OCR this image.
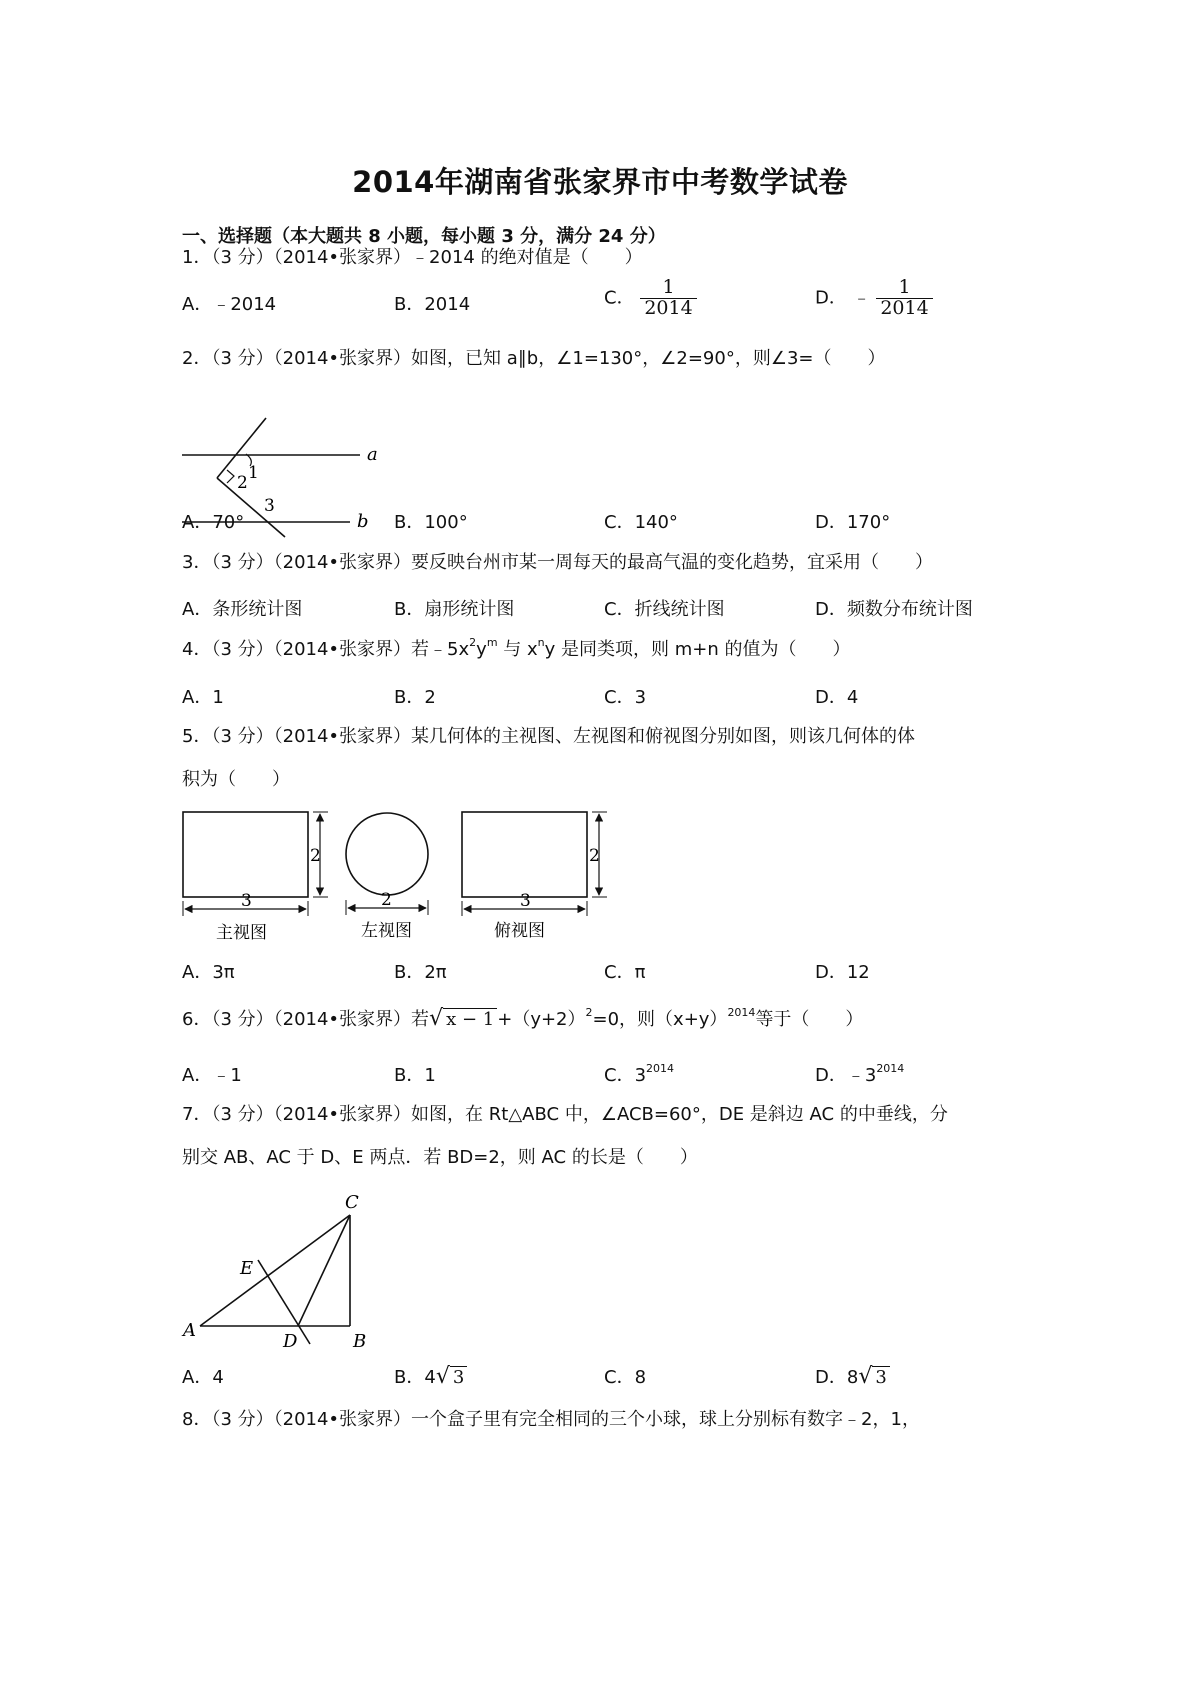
2014年湖南省张家界市中考数学试卷
一、选择题（本大题共 8 小题，每小题 3 分，满分 24 分）
1．（3 分）（2014•张家界）﹣2014 的绝对值是（　　）
A．﹣2014	B．2014	C． $\frac{1}{2014}$	D． ﹣ $\frac{1}{2014}$
2．（3 分）（2014•张家界）如图，已知 a∥b，∠1=130°，∠2=90°，则∠3=（　　）
a
b
1
2
3
A．70°	B．100°	C．140°	D．170°
3．（3 分）（2014•张家界）要反映台州市某一周每天的最高气温的变化趋势，宜采用（　　）
A．条形统计图	B．扇形统计图	C．折线统计图	D．频数分布统计图
4．（3 分）（2014•张家界）若$﹣5x^2y^m$ 与 $x^ny$ 是同类项，则 m+n 的值为（　　）
A．1	B．2	C．3	D．4
5．（3 分）（2014•张家界）某几何体的主视图、左视图和俯视图分别如图，则该几何体的体
积为（　　）
2
3
主视图
2
左视图
2
3
俯视图
A．3π	B．2π	C．π	D．12
6．（3 分）（2014•张家界）若√ $x - 1 +(y+2)^2=0$，则$(x+y)^{2014}$等于（　　）
A．﹣1	B．1	C．$3^{2014}$	D．$﹣3^{2014}$
7．（3 分）（2014•张家界）如图，在 Rt△ABC 中，∠ACB=60°，DE 是斜边 AC 的中垂线，分
别交 AB、AC 于 D、E 两点．若 BD=2，则 AC 的长是（　　）
C
E
A
D	B
A．4	B．4√ 3	C．8	D．8√ 3
8．（3 分）（2014•张家界）一个盒子里有完全相同的三个小球，球上分别标有数字﹣2，1，
